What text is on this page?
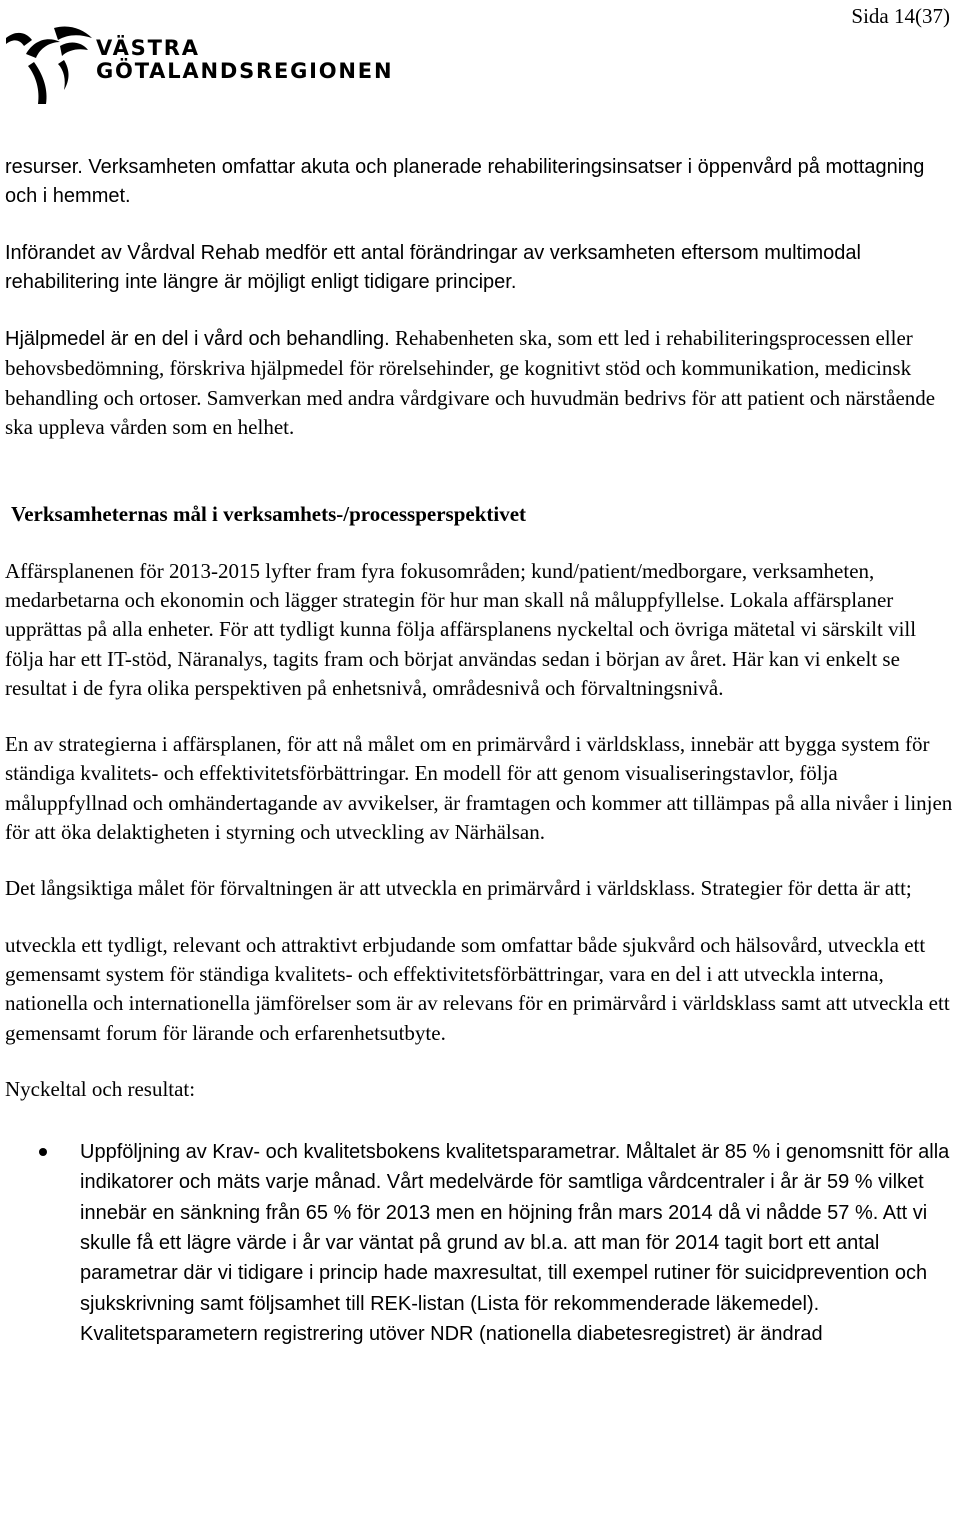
Sida 14(37)
VÄSTRA
GÖTALANDSREGIONEN

resurser. Verksamheten omfattar akuta och planerade rehabiliteringsinsatser i öppenvård på mottagning och i hemmet.

Införandet av Vårdval Rehab medför ett antal förändringar av verksamheten eftersom multimodal rehabilitering inte längre är möjligt enligt tidigare principer.

Hjälpmedel är en del i vård och behandling. Rehabenheten ska, som ett led i rehabiliteringsprocessen eller behovsbedömning, förskriva hjälpmedel för rörelsehinder, ge kognitivt stöd och kommunikation, medicinsk behandling och ortoser. Samverkan med andra vårdgivare och huvudmän bedrivs för att patient och närstående ska uppleva vården som en helhet.

Verksamheternas mål i verksamhets-/processperspektivet

Affärsplanenen för 2013-2015 lyfter fram fyra fokusområden; kund/patient/medborgare, verksamheten, medarbetarna och ekonomin och lägger strategin för hur man skall nå måluppfyllelse. Lokala affärsplaner upprättas på alla enheter. För att tydligt kunna följa affärsplanens nyckeltal och övriga mätetal vi särskilt vill följa har ett IT-stöd, Näranalys, tagits fram och börjat användas sedan i början av året. Här kan vi enkelt se resultat i de fyra olika perspektiven på enhetsnivå, områdesnivå och förvaltningsnivå.

En av strategierna i affärsplanen, för att nå målet om en primärvård i världsklass, innebär att bygga system för ständiga kvalitets- och effektivitetsförbättringar. En modell för att genom visualiseringstavlor, följa måluppfyllnad och omhändertagande av avvikelser, är framtagen och kommer att tillämpas på alla nivåer i linjen för att öka delaktigheten i styrning och utveckling av Närhälsan.

Det långsiktiga målet för förvaltningen är att utveckla en primärvård i världsklass. Strategier för detta är att;

utveckla ett tydligt, relevant och attraktivt erbjudande som omfattar både sjukvård och hälsovård, utveckla ett gemensamt system för ständiga kvalitets- och effektivitetsförbättringar, vara en del i att utveckla interna, nationella och internationella jämförelser som är av relevans för en primärvård i världsklass samt att utveckla ett gemensamt forum för lärande och erfarenhetsutbyte.

Nyckeltal och resultat:

Uppföljning av Krav- och kvalitetsbokens kvalitetsparametrar. Måltalet är 85 % i genomsnitt för alla indikatorer och mäts varje månad. Vårt medelvärde för samtliga vårdcentraler i år är 59 % vilket innebär en sänkning från 65 % för 2013 men en höjning från mars 2014 då vi nådde 57 %. Att vi skulle få ett lägre värde i år var väntat på grund av bl.a. att man för 2014 tagit bort ett antal parametrar där vi tidigare i princip hade maxresultat, till exempel rutiner för suicidprevention och sjukskrivning samt följsamhet till REK-listan (Lista för rekommenderade läkemedel). Kvalitetsparametern registrering utöver NDR (nationella diabetesregistret) är ändrad
